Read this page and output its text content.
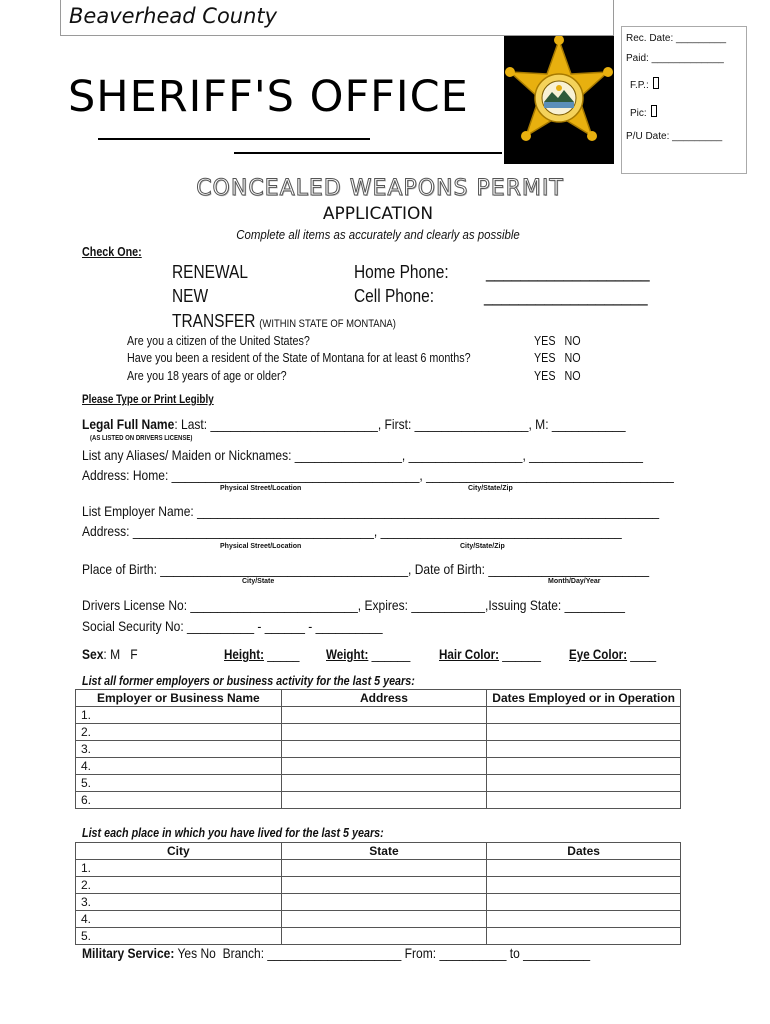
Beaverhead County
SHERIFF'S OFFICE
Rec. Date: _________
Paid: _____________
F.P.:
Pic:
P/U Date: _________
CONCEALED WEAPONS PERMIT
APPLICATION
Complete all items as accurately and clearly as possible
Check One:
RENEWAL	Home Phone: ___________________
NEW	Cell Phone:	___________________
TRANSFER (WITHIN STATE OF MONTANA)
Are you a citizen of the United States?	YES NO
Have you been a resident of the State of Montana for at least 6 months?	YES NO
Are you 18 years of age or older?	YES NO
Please Type or Print Legibly
Legal Full Name: Last: _________________________, First: _________________, M: ___________
(AS LISTED ON DRIVERS LICENSE)
List any Aliases/ Maiden or Nicknames: ________________, _________________, _________________
Address: Home: _____________________________________, _____________________________________
Physical Street/Location	City/State/Zip
List Employer Name: _____________________________________________________________________
Address: ____________________________________, ____________________________________
Physical Street/Location	City/State/Zip
Place of Birth: _____________________________________, Date of Birth: ________________________
City/State	Month/Day/Year
Drivers License No: _________________________, Expires: ___________,Issuing State: _________
Social Security No: __________ - ______ - __________
Sex: M F	Height: _____ Weight: ______ Hair Color: ______ Eye Color: ____
List all former employers or business activity for the last 5 years:
Employer or Business Name	Address	Dates Employed or in Operation
1.		
2.		
3.		
4.		
5.		
6.		
List each place in which you have lived for the last 5 years:
City	State	Dates
1.		
2.		
3.		
4.		
5.		
Military Service: Yes No Branch: ____________________ From: __________ to __________
